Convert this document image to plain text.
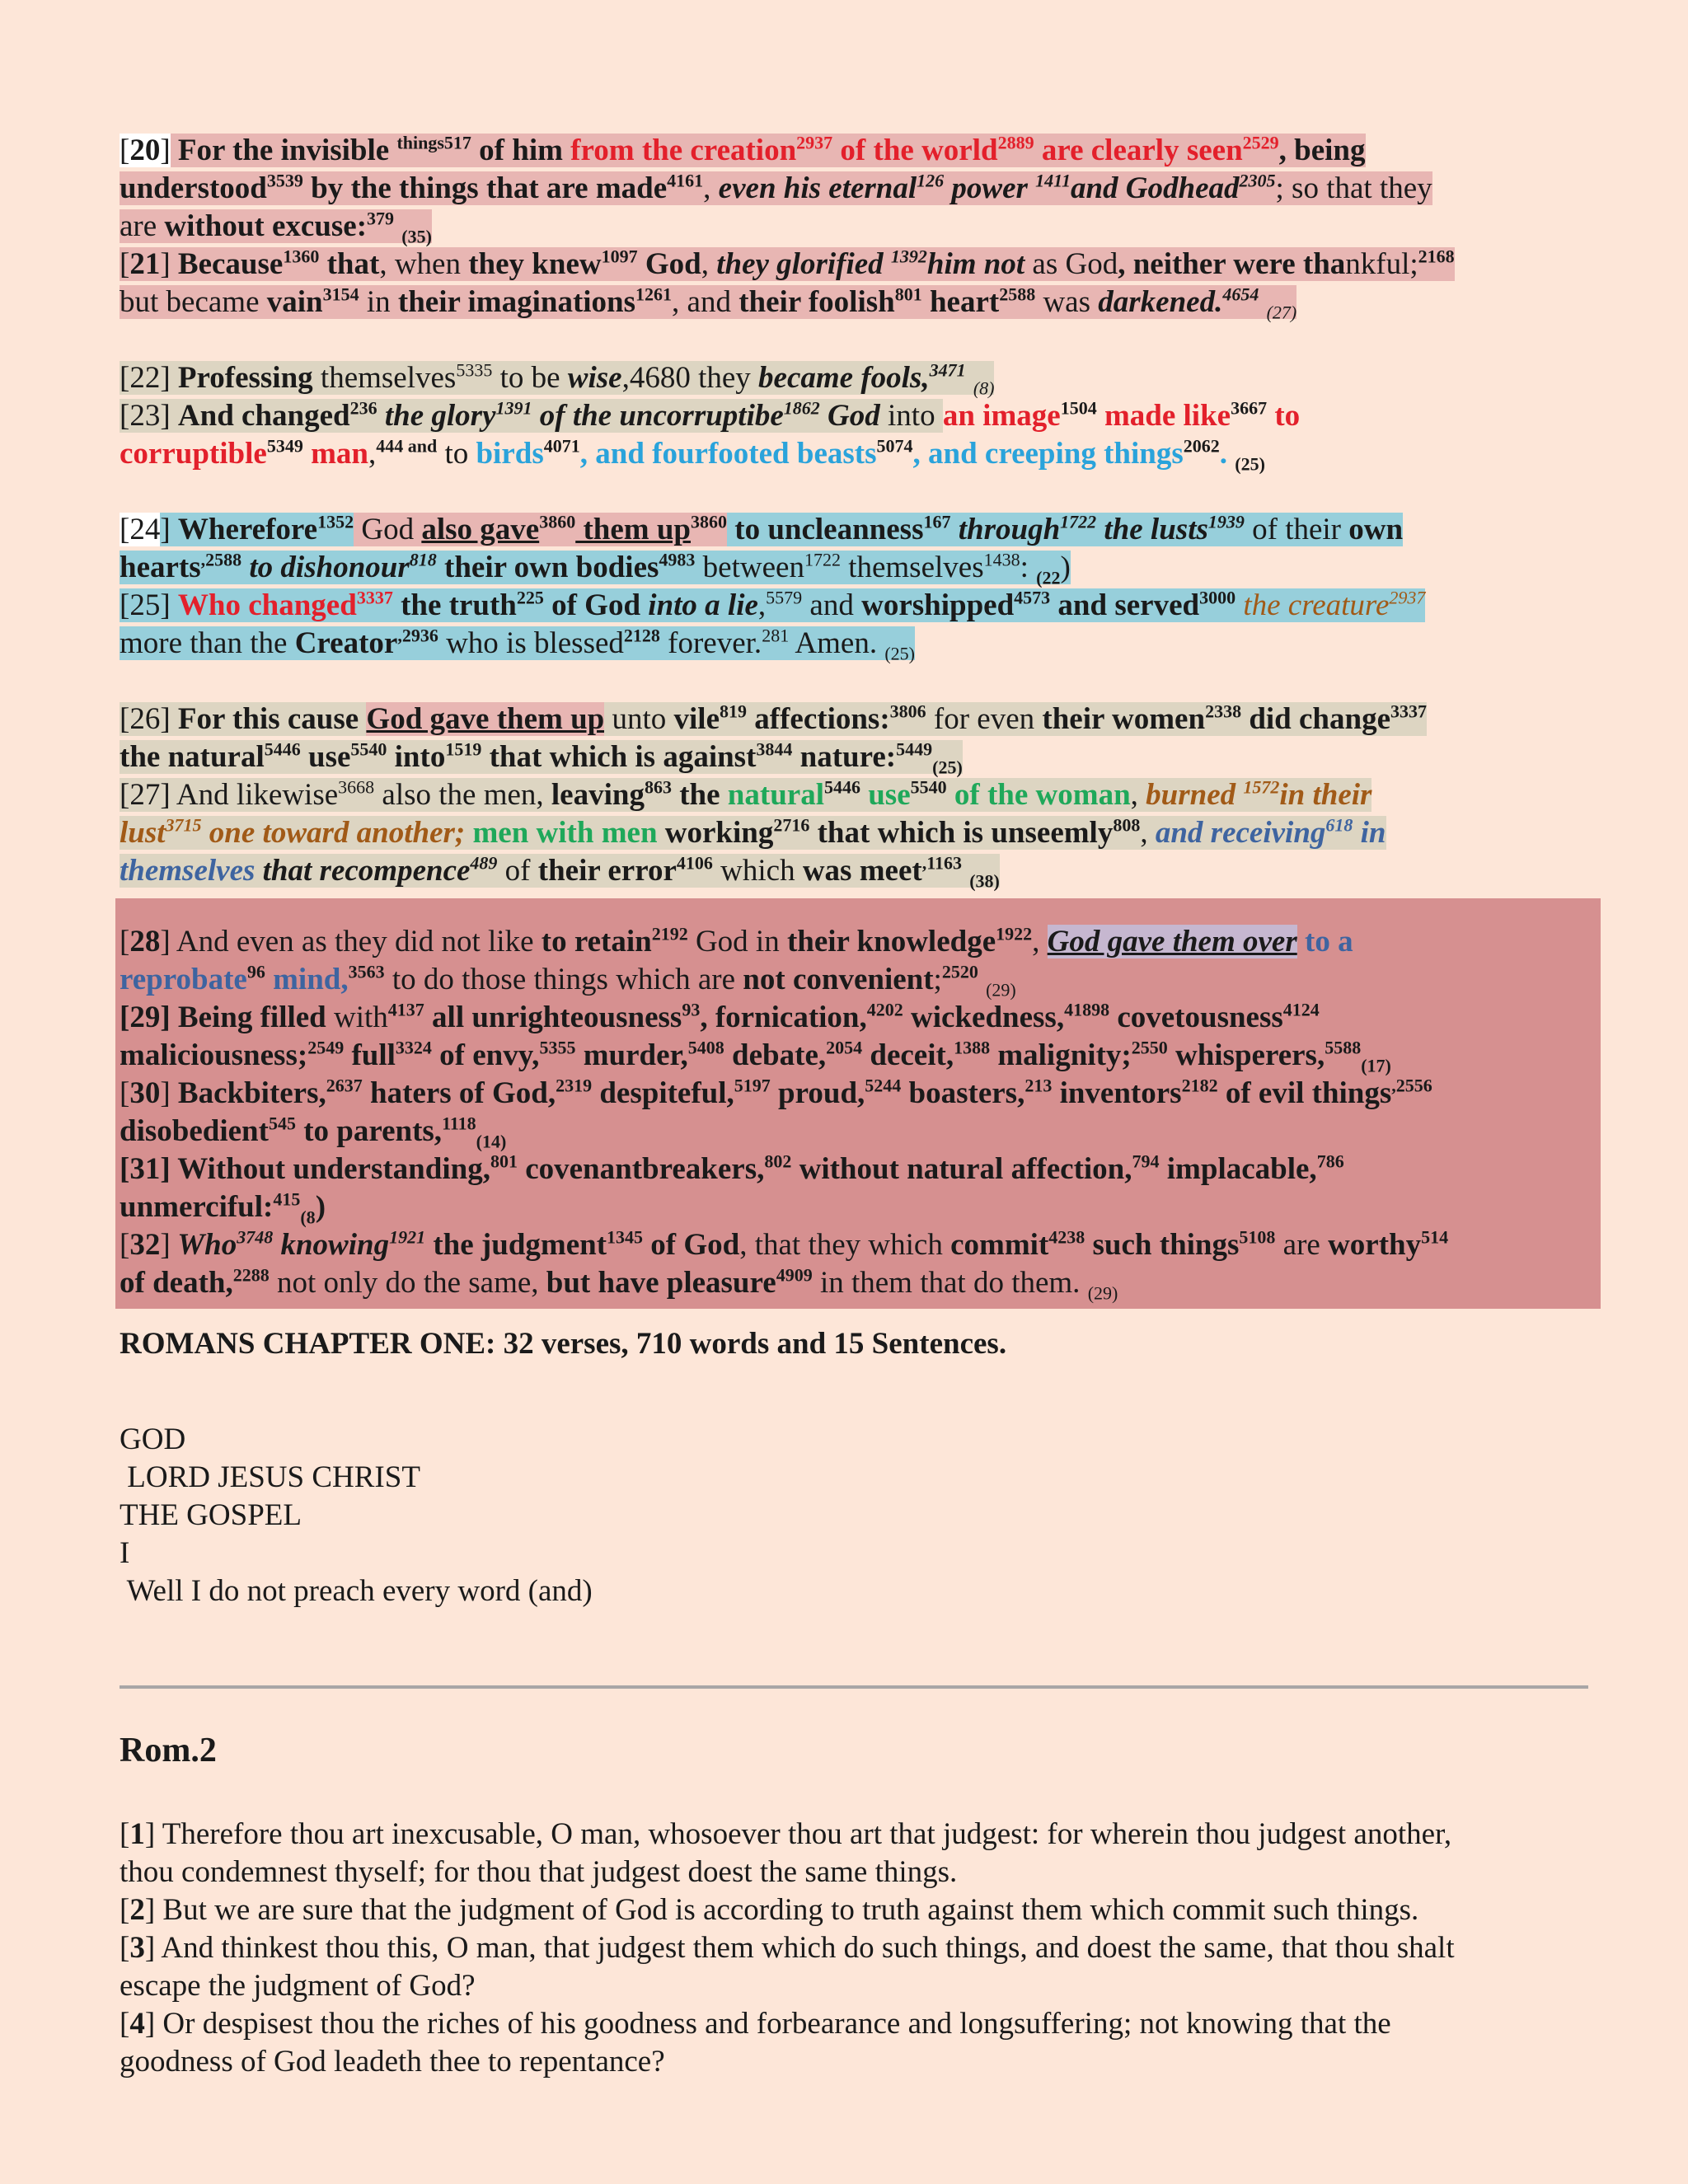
[20] For the invisible $^{things517}$ of him from the creation$^{2937}$ of the world$^{2889}$ are clearly seen$^{2529}$, being
understood$^{3539}$ by the things that are made$^{4161}$, even his eternal$^{126}$ power $^{1411}$and Godhead$^{2305}$; so that they
are without excuse:$^{379}$ $_{(35)}$
[21] Because$^{1360}$ that, when they knew$^{1097}$ God, they glorified $^{1392}$him not as God, neither were thankful;$^{2168}$
but became vain$^{3154}$ in their imaginations$^{1261}$, and their foolish$^{801}$ heart$^{2588}$ was darkened.$^{4654}$ $_{(27)}$
[22] Professing themselves$^{5335}$ to be wise,4680 they became fools,$^{3471}$ $_{(8)}$
[23] And changed$^{236}$ the glory$^{1391}$ of the uncorruptibe$^{1862}$ God into an image$^{1504}$ made like$^{3667}$ to
corruptible$^{5349}$ man,$^{444 and}$ to birds$^{4071}$, and fourfooted beasts$^{5074}$, and creeping things$^{2062}$. $_{(25)}$
[24] Wherefore$^{1352}$ God also gave$^{3860}$ them $up^{3860}$ to uncleanness$^{167}$ through$^{1722}$ the lusts$^{1939}$ of their own
hearts$^{,2588}$ to dishonour$^{818}$ their own bodies$^{4983}$ between$^{1722}$ themselves$^{1438}$: $_{(22}$)
[25] Who changed$^{3337}$ the truth$^{225}$ of God into a lie,$^{5579}$ and worshipped$^{4573}$ and served$^{3000}$ the creature$^{2937}$
more than the Creator$^{,2936}$ who is blessed$^{2128}$ forever.$^{281}$ Amen. $_{(25)}$
[26] For this cause God gave them up unto vile$^{819}$ affections:$^{3806}$ for even their women$^{2338}$ did change$^{3337}$
the natural$^{5446}$ use$^{5540}$ into$^{1519}$ that which is against$^{3844}$ nature:$^{5449}_{(25)}$
[27] And likewise$^{3668}$ also the men, leaving$^{863}$ the natural$^{5446}$ use$^{5540}$ of the woman, burned $^{1572}$in their
lust$^{3715}$ one toward another; men with men working$^{2716}$ that which is unseemly$^{808}$, and receiving$^{618}$ in
themselves that recompence$^{489}$ of their error$^{4106}$ which was meet$^{,1163}$ $_{(38)}$
[28] And even as they did not like to retain$^{2192}$ God in their knowledge$^{1922}$, God gave them over to a
reprobate$^{96}$ mind,$^{3563}$ to do those things which are not convenient;$^{2520}$ $_{(29)}$
[29] Being filled with$^{4137}$ all unrighteousness$^{93}$, fornication,$^{4202}$ wickedness,$^{41898}$ covetousness$^{4124}$
maliciousness;$^{2549}$ full$^{3324}$ of envy,$^{5355}$ murder,$^{5408}$ debate,$^{2054}$ deceit,$^{1388}$ malignity;$^{2550}$ whisperers,$^{5588}_{(17)}$
[30] Backbiters,$^{2637}$ haters of God,$^{2319}$ despiteful,$^{5197}$ proud,$^{5244}$ boasters,$^{213}$ inventors$^{2182}$ of evil things$^{,2556}$
disobedient$^{545}$ to parents,$^{1118}_{(14)}$
[31] Without understanding,$^{801}$ covenantbreakers,$^{802}$ without natural affection,$^{794}$ implacable,$^{786}$
unmerciful:$^{415}_{(8}$)
[32] Who$^{3748}$ knowing$^{1921}$ the judgment$^{1345}$ of God, that they which commit$^{4238}$ such things$^{5108}$ are worthy$^{514}$
of death,$^{2288}$ not only do the same, but have pleasure$^{4909}$ in them that do them. $_{(29)}$
ROMANS CHAPTER ONE: 32 verses, 710 words and 15 Sentences.
GOD
LORD JESUS CHRIST
THE GOSPEL
I
Well I do not preach every word (and)
Rom.2
[1] Therefore thou art inexcusable, O man, whosoever thou art that judgest: for wherein thou judgest another,
thou condemnest thyself; for thou that judgest doest the same things.
[2] But we are sure that the judgment of God is according to truth against them which commit such things.
[3] And thinkest thou this, O man, that judgest them which do such things, and doest the same, that thou shalt
escape the judgment of God?
[4] Or despisest thou the riches of his goodness and forbearance and longsuffering; not knowing that the
goodness of God leadeth thee to repentance?
